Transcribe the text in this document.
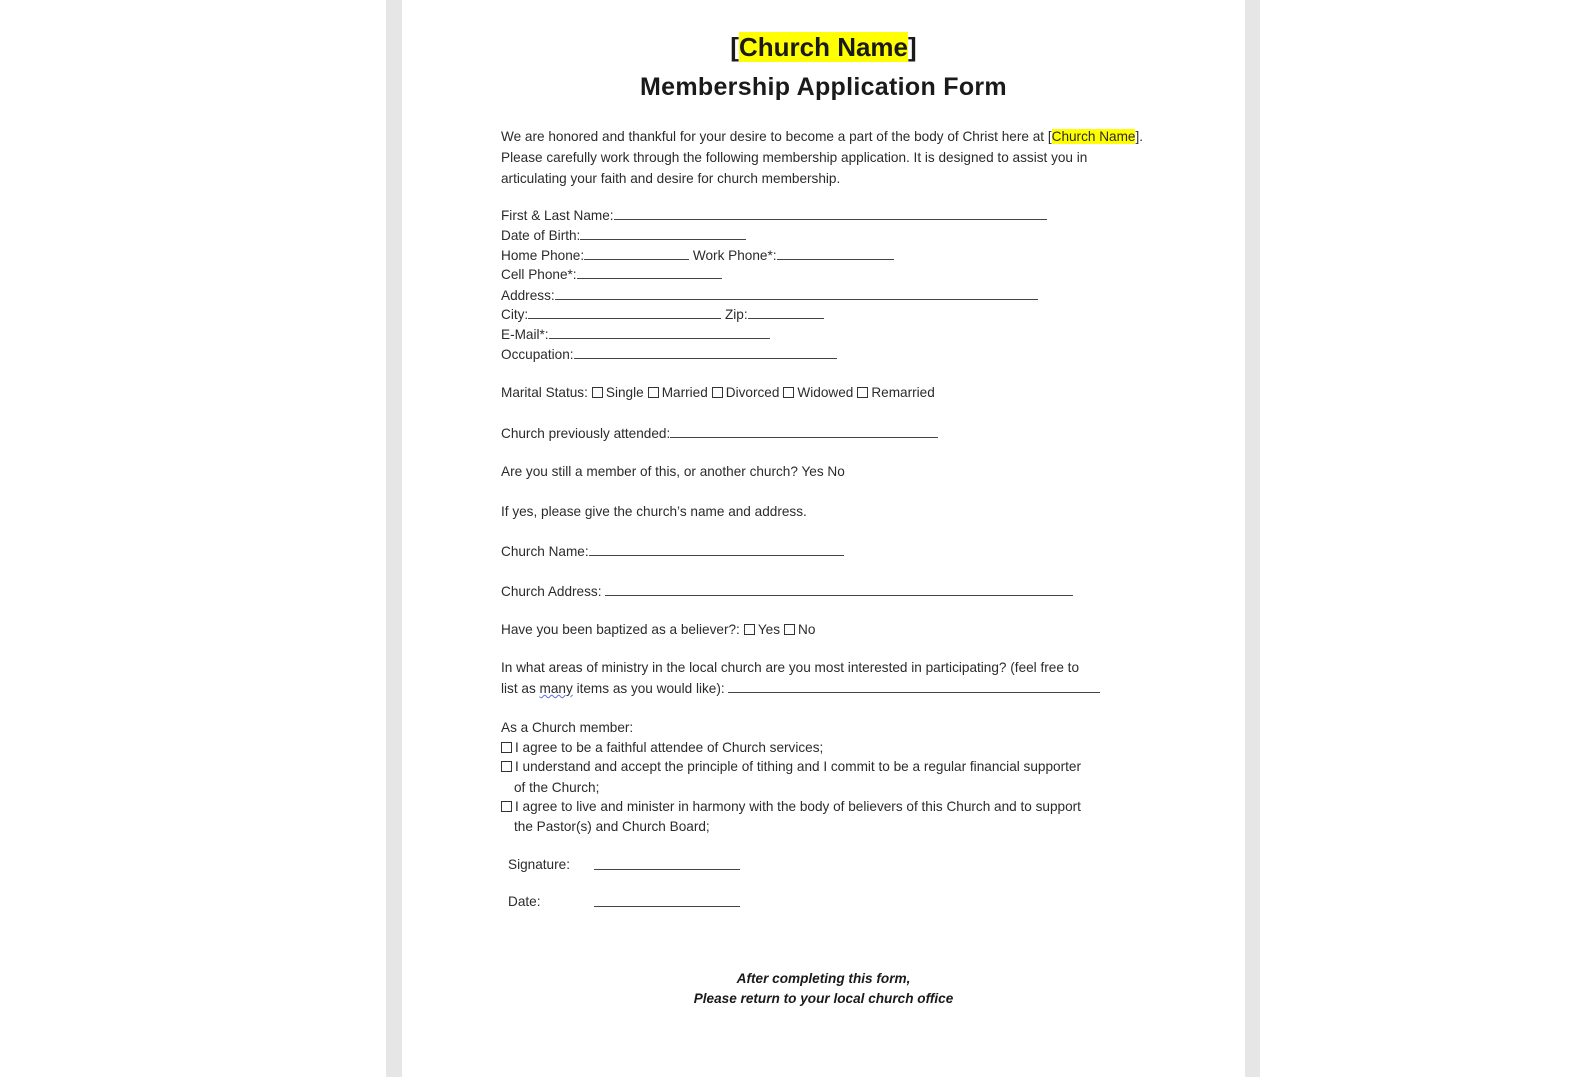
[Church Name]
Membership Application Form
We are honored and thankful for your desire to become a part of the body of Christ here at [Church Name]. Please carefully work through the following membership application. It is designed to assist you in articulating your faith and desire for church membership.
First & Last Name:
Date of Birth:
Home Phone:	Work Phone*:
Cell Phone*:
Address:
City:	Zip:
E-Mail*:
Occupation:
Marital Status: Single Married Divorced Widowed Remarried
Church previously attended:
Are you still a member of this, or another church? Yes No
If yes, please give the church’s name and address.
Church Name:
Church Address:
Have you been baptized as a believer?: Yes No
In what areas of ministry in the local church are you most interested in participating? (feel free to
list as many items as you would like):
As a Church member:
I agree to be a faithful attendee of Church services;
I understand and accept the principle of tithing and I commit to be a regular financial supporter
of the Church;
I agree to live and minister in harmony with the body of believers of this Church and to support
the Pastor(s) and Church Board;
Signature:
Date:
After completing this form,
Please return to your local church office
